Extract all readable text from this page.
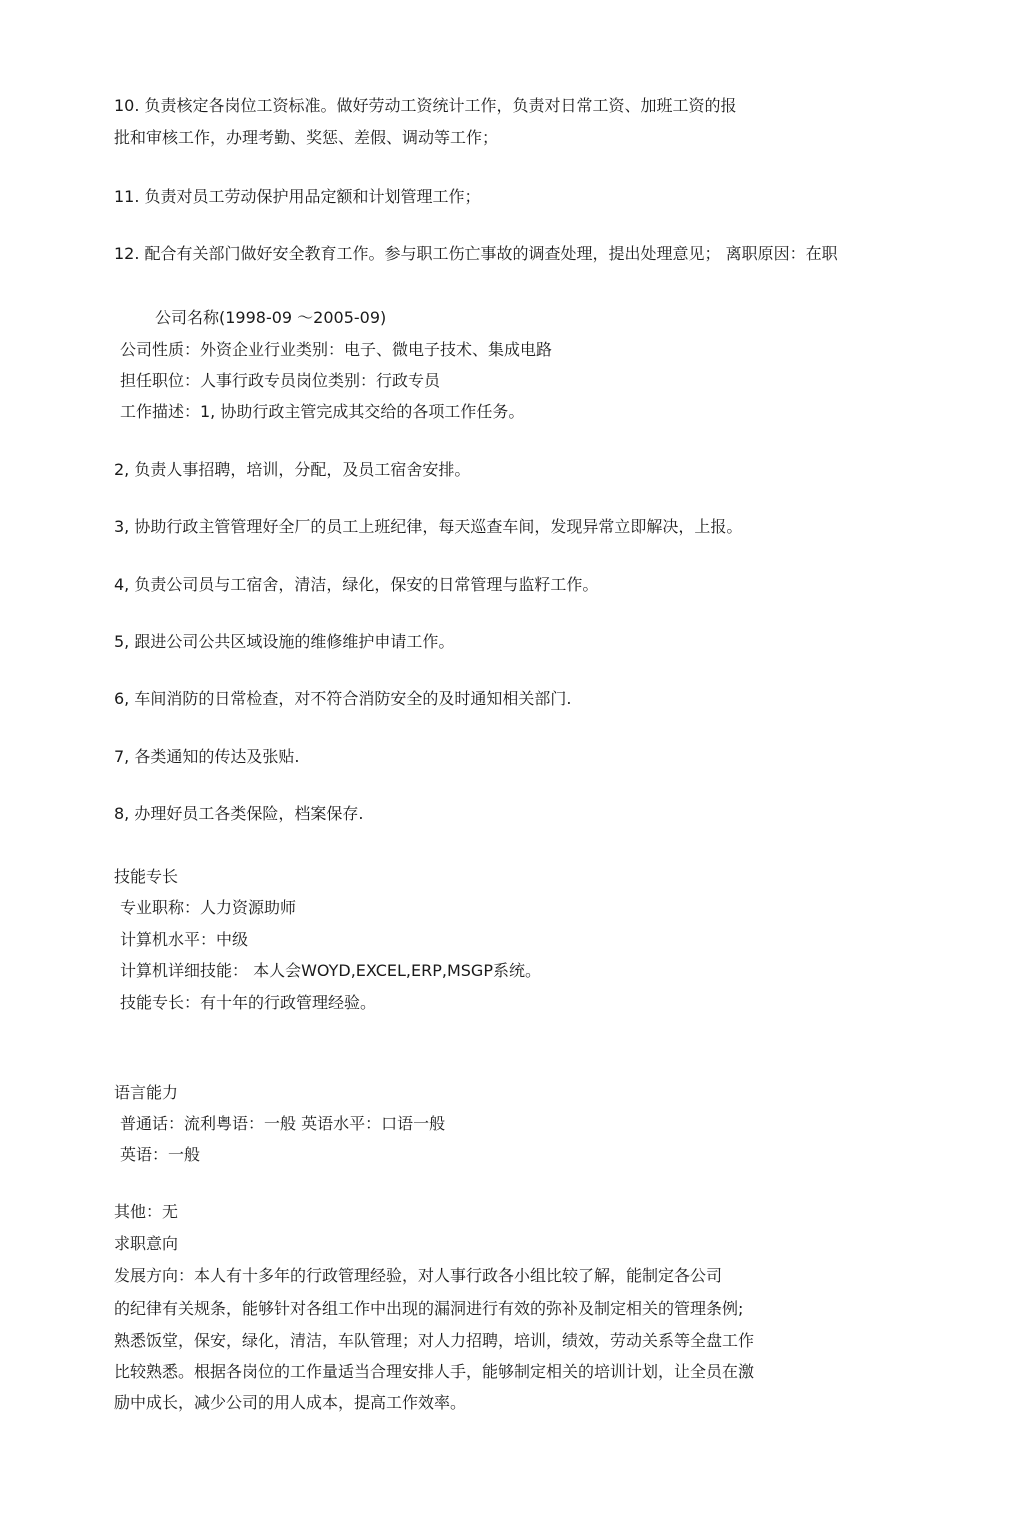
10. 负责核定各岗位工资标准。做好劳动工资统计工作，负责对日常工资、加班工资的报
批和审核工作，办理考勤、奖惩、差假、调动等工作；
11. 负责对员工劳动保护用品定额和计划管理工作；
12. 配合有关部门做好安全教育工作。参与职工伤亡事故的调查处理，提出处理意见； 离职原因：在职
公司名称(1998-09 ～2005-09)
公司性质：外资企业行业类别：电子、微电子技术、集成电路
担任职位：人事行政专员岗位类别：行政专员
工作描述：1, 协助行政主管完成其交给的各项工作任务。
2, 负责人事招聘，培训，分配，及员工宿舍安排。
3, 协助行政主管管理好全厂的员工上班纪律，每天巡查车间，发现异常立即解决，上报。
4, 负责公司员与工宿舍，清洁，绿化，保安的日常管理与监籽工作。
5, 跟进公司公共区域设施的维修维护申请工作。
6, 车间消防的日常检查，对不符合消防安全的及时通知相关部门.
7, 各类通知的传达及张贴.
8, 办理好员工各类保险，档案保存.
技能专长
专业职称：人力资源助师
计算机水平：中级
计算机详细技能： 本人会WOYD,EXCEL,ERP,MSGP系统。
技能专长：有十年的行政管理经验。
语言能力
普通话：流利粤语：一般 英语水平：口语一般
英语：一般
其他：无
求职意向
发展方向：本人有十多年的行政管理经验，对人事行政各小组比较了解，能制定各公司
的纪律有关规条，能够针对各组工作中出现的漏洞进行有效的弥补及制定相关的管理条例;
熟悉饭堂，保安，绿化，清洁，车队管理；对人力招聘，培训，绩效，劳动关系等全盘工作
比较熟悉。根据各岗位的工作量适当合理安排人手，能够制定相关的培训计划，让全员在激
励中成长，减少公司的用人成本，提高工作效率。
